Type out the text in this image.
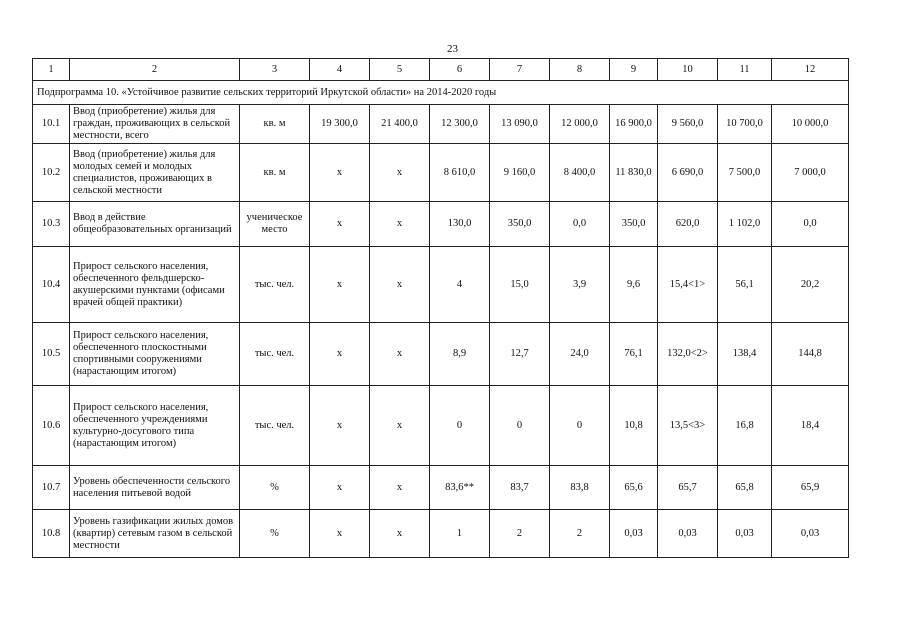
23
1	2	3	4	5	6	7	8	9	10	11	12
Подпрограмма 10. «Устойчивое развитие сельских территорий Иркутской области» на 2014-2020 годы											
10.1	Ввод (приобретение) жилья для граждан, проживающих в сельской местности, всего	кв. м	19 300,0	21 400,0	12 300,0	13 090,0	12 000,0	16 900,0	9 560,0	10 700,0	10 000,0
10.2	Ввод (приобретение) жилья для молодых семей и молодых специалистов, проживающих в сельской местности	кв. м	х	х	8 610,0	9 160,0	8 400,0	11 830,0	6 690,0	7 500,0	7 000,0
10.3	Ввод в действие общеобразовательных организаций	ученическое место	х	х	130,0	350,0	0,0	350,0	620,0	1 102,0	0,0
10.4	Прирост сельского населения, обеспеченного фельдшерско-акушерскими пунктами (офисами врачей общей практики)	тыс. чел.	х	х	4	15,0	3,9	9,6	15,4<1>	56,1	20,2
10.5	Прирост сельского населения, обеспеченного плоскостными спортивными сооружениями (нарастающим итогом)	тыс. чел.	х	х	8,9	12,7	24,0	76,1	132,0<2>	138,4	144,8
10.6	Прирост сельского населения, обеспеченного учреждениями культурно-досугового типа (нарастающим итогом)	тыс. чел.	х	х	0	0	0	10,8	13,5<3>	16,8	18,4
10.7	Уровень обеспеченности сельского населения питьевой водой	%	х	х	83,6**	83,7	83,8	65,6	65,7	65,8	65,9
10.8	Уровень газификации жилых домов (квартир) сетевым газом в сельской местности	%	х	х	1	2	2	0,03	0,03	0,03	0,03
